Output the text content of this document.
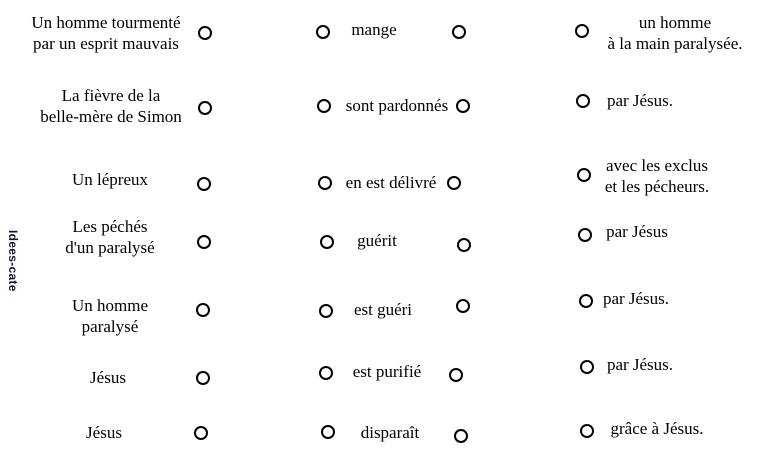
Idees-cate
Un homme tourmenté
par un esprit mauvais
La fièvre de la
belle-mère de Simon
Un lépreux
Les péchés
d'un paralysé
Un homme
paralysé
Jésus
Jésus
mange
sont pardonnés
en est délivré
guérit
est guéri
est purifié
disparaît
un homme
à la main paralysée.
par Jésus.
avec les exclus
et les pécheurs.
par Jésus
par Jésus.
par Jésus.
grâce à Jésus.
